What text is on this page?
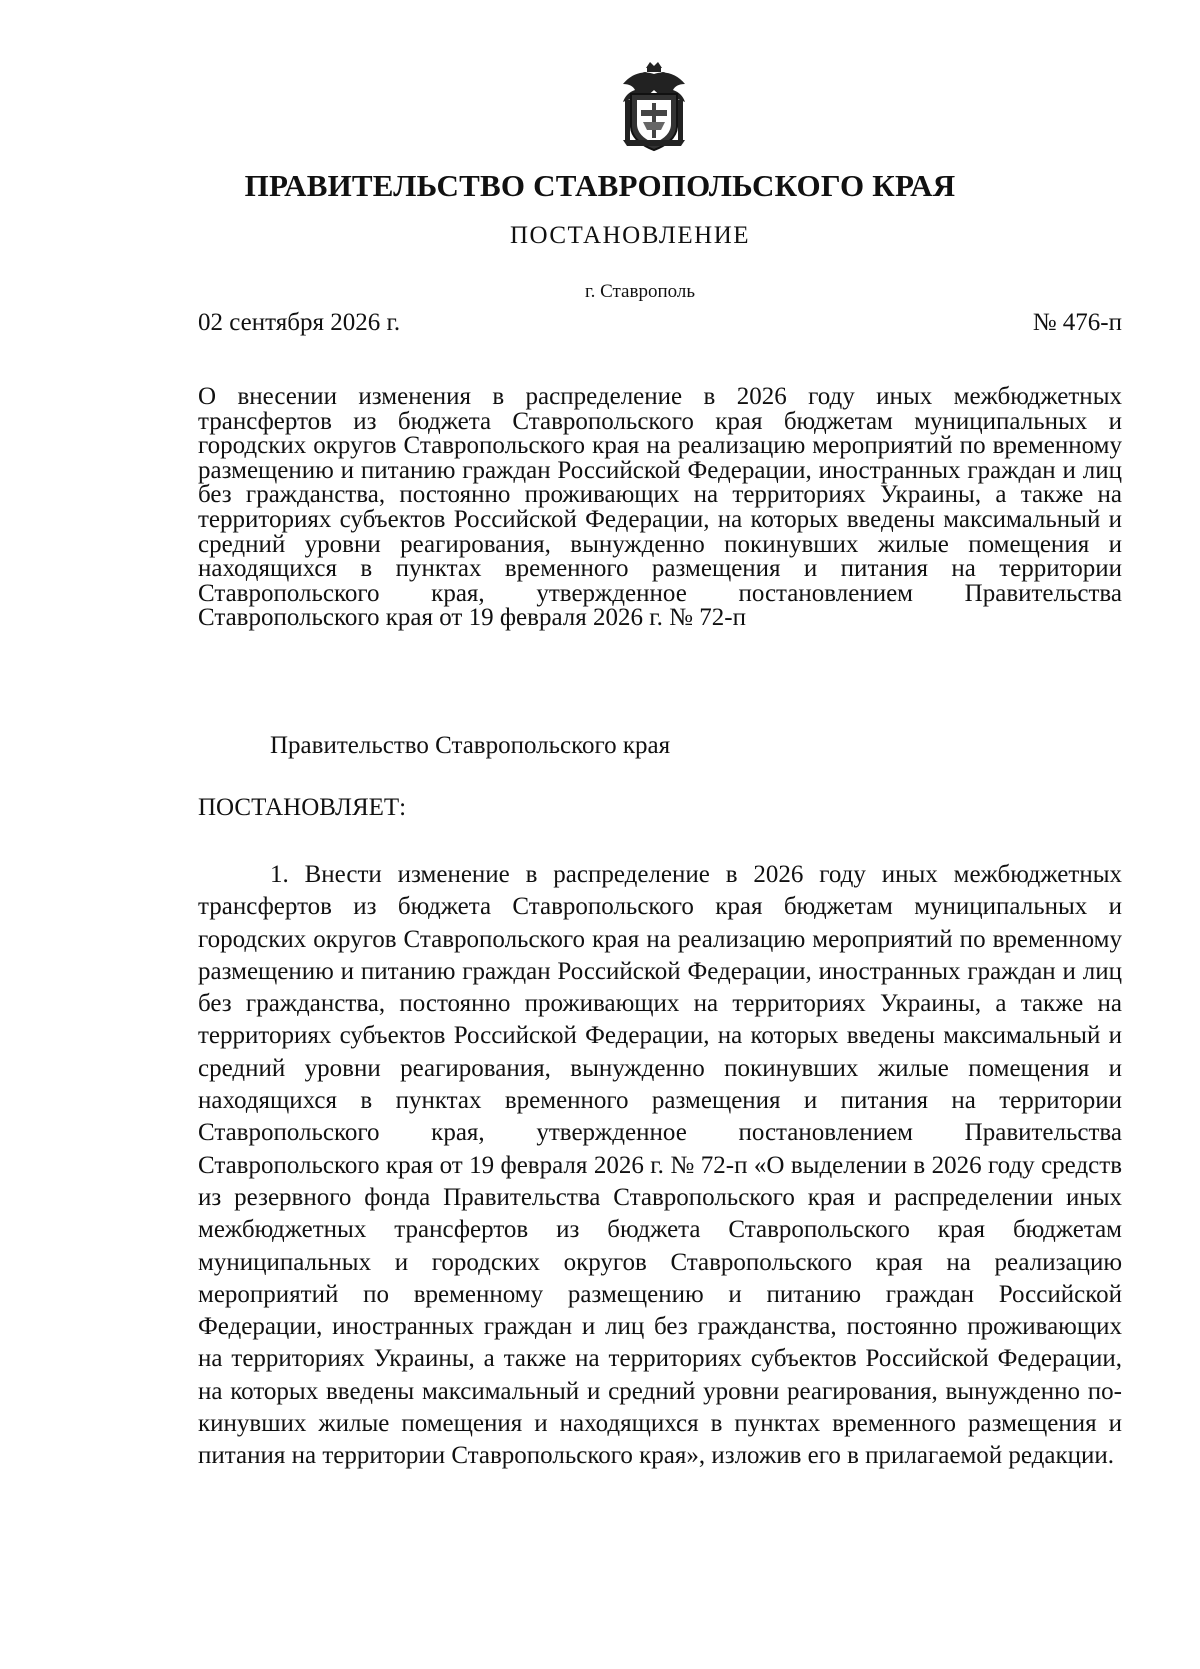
ПРАВИТЕЛЬСТВО СТАВРОПОЛЬСКОГО КРАЯ
ПОСТАНОВЛЕНИЕ
г. Ставрополь
02 сентября 2026 г.	№ 476-п
О внесении изменения в распределение в 2026 году иных межбюджетных трансфертов из бюджета Ставропольского края бюджетам муниципальных и городских округов Ставропольского края на реализацию мероприятий по временному размещению и питанию граждан Российской Федерации, иностранных граждан и лиц без гражданства, постоянно проживающих на территориях Украины, а также на территориях субъектов Российской Федерации, на которых введены максимальный и средний уровни реагирования, вынужденно покинувших жилые помещения и находящихся в пунктах временного размещения и питания на территории Ставропольского края, утвержденное постановлением Правительства Ставропольского края от 19 февраля 2026 г. № 72-п
Правительство Ставропольского края
ПОСТАНОВЛЯЕТ:
1. Внести изменение в распределение в 2026 году иных межбюджетных трансфертов из бюджета Ставропольского края бюджетам муниципальных и городских округов Ставропольского края на реализацию мероприятий по временному размещению и питанию граждан Российской Федерации, иностранных граждан и лиц без гражданства, постоянно проживающих на территориях Украины, а также на территориях субъектов Российской Федерации, на которых введены максимальный и средний уровни реагирования, вынужденно покинувших жилые помещения и находящихся в пунктах временного размещения и питания на территории Ставропольского края, утвержденное постановлением Правительства Ставропольского края от 19 февраля 2026 г. № 72-п «О выделении в 2026 году средств из резервного фонда Правительства Ставропольского края и распределении иных межбюджетных трансфертов из бюджета Ставропольского края бюджетам муниципальных и городских округов Ставропольского края на реализацию мероприятий по временному размещению и питанию граждан Российской Федерации, иностранных граждан и лиц без гражданства, постоянно проживающих на территориях Украины, а также на территориях субъектов Российской Федерации, на которых введены максимальный и средний уровни реагирования, вынужденно покинувших жилые помещения и находящихся в пунктах временного размещения и питания на территории Ставропольского края», изложив его в прилагаемой редакции.
